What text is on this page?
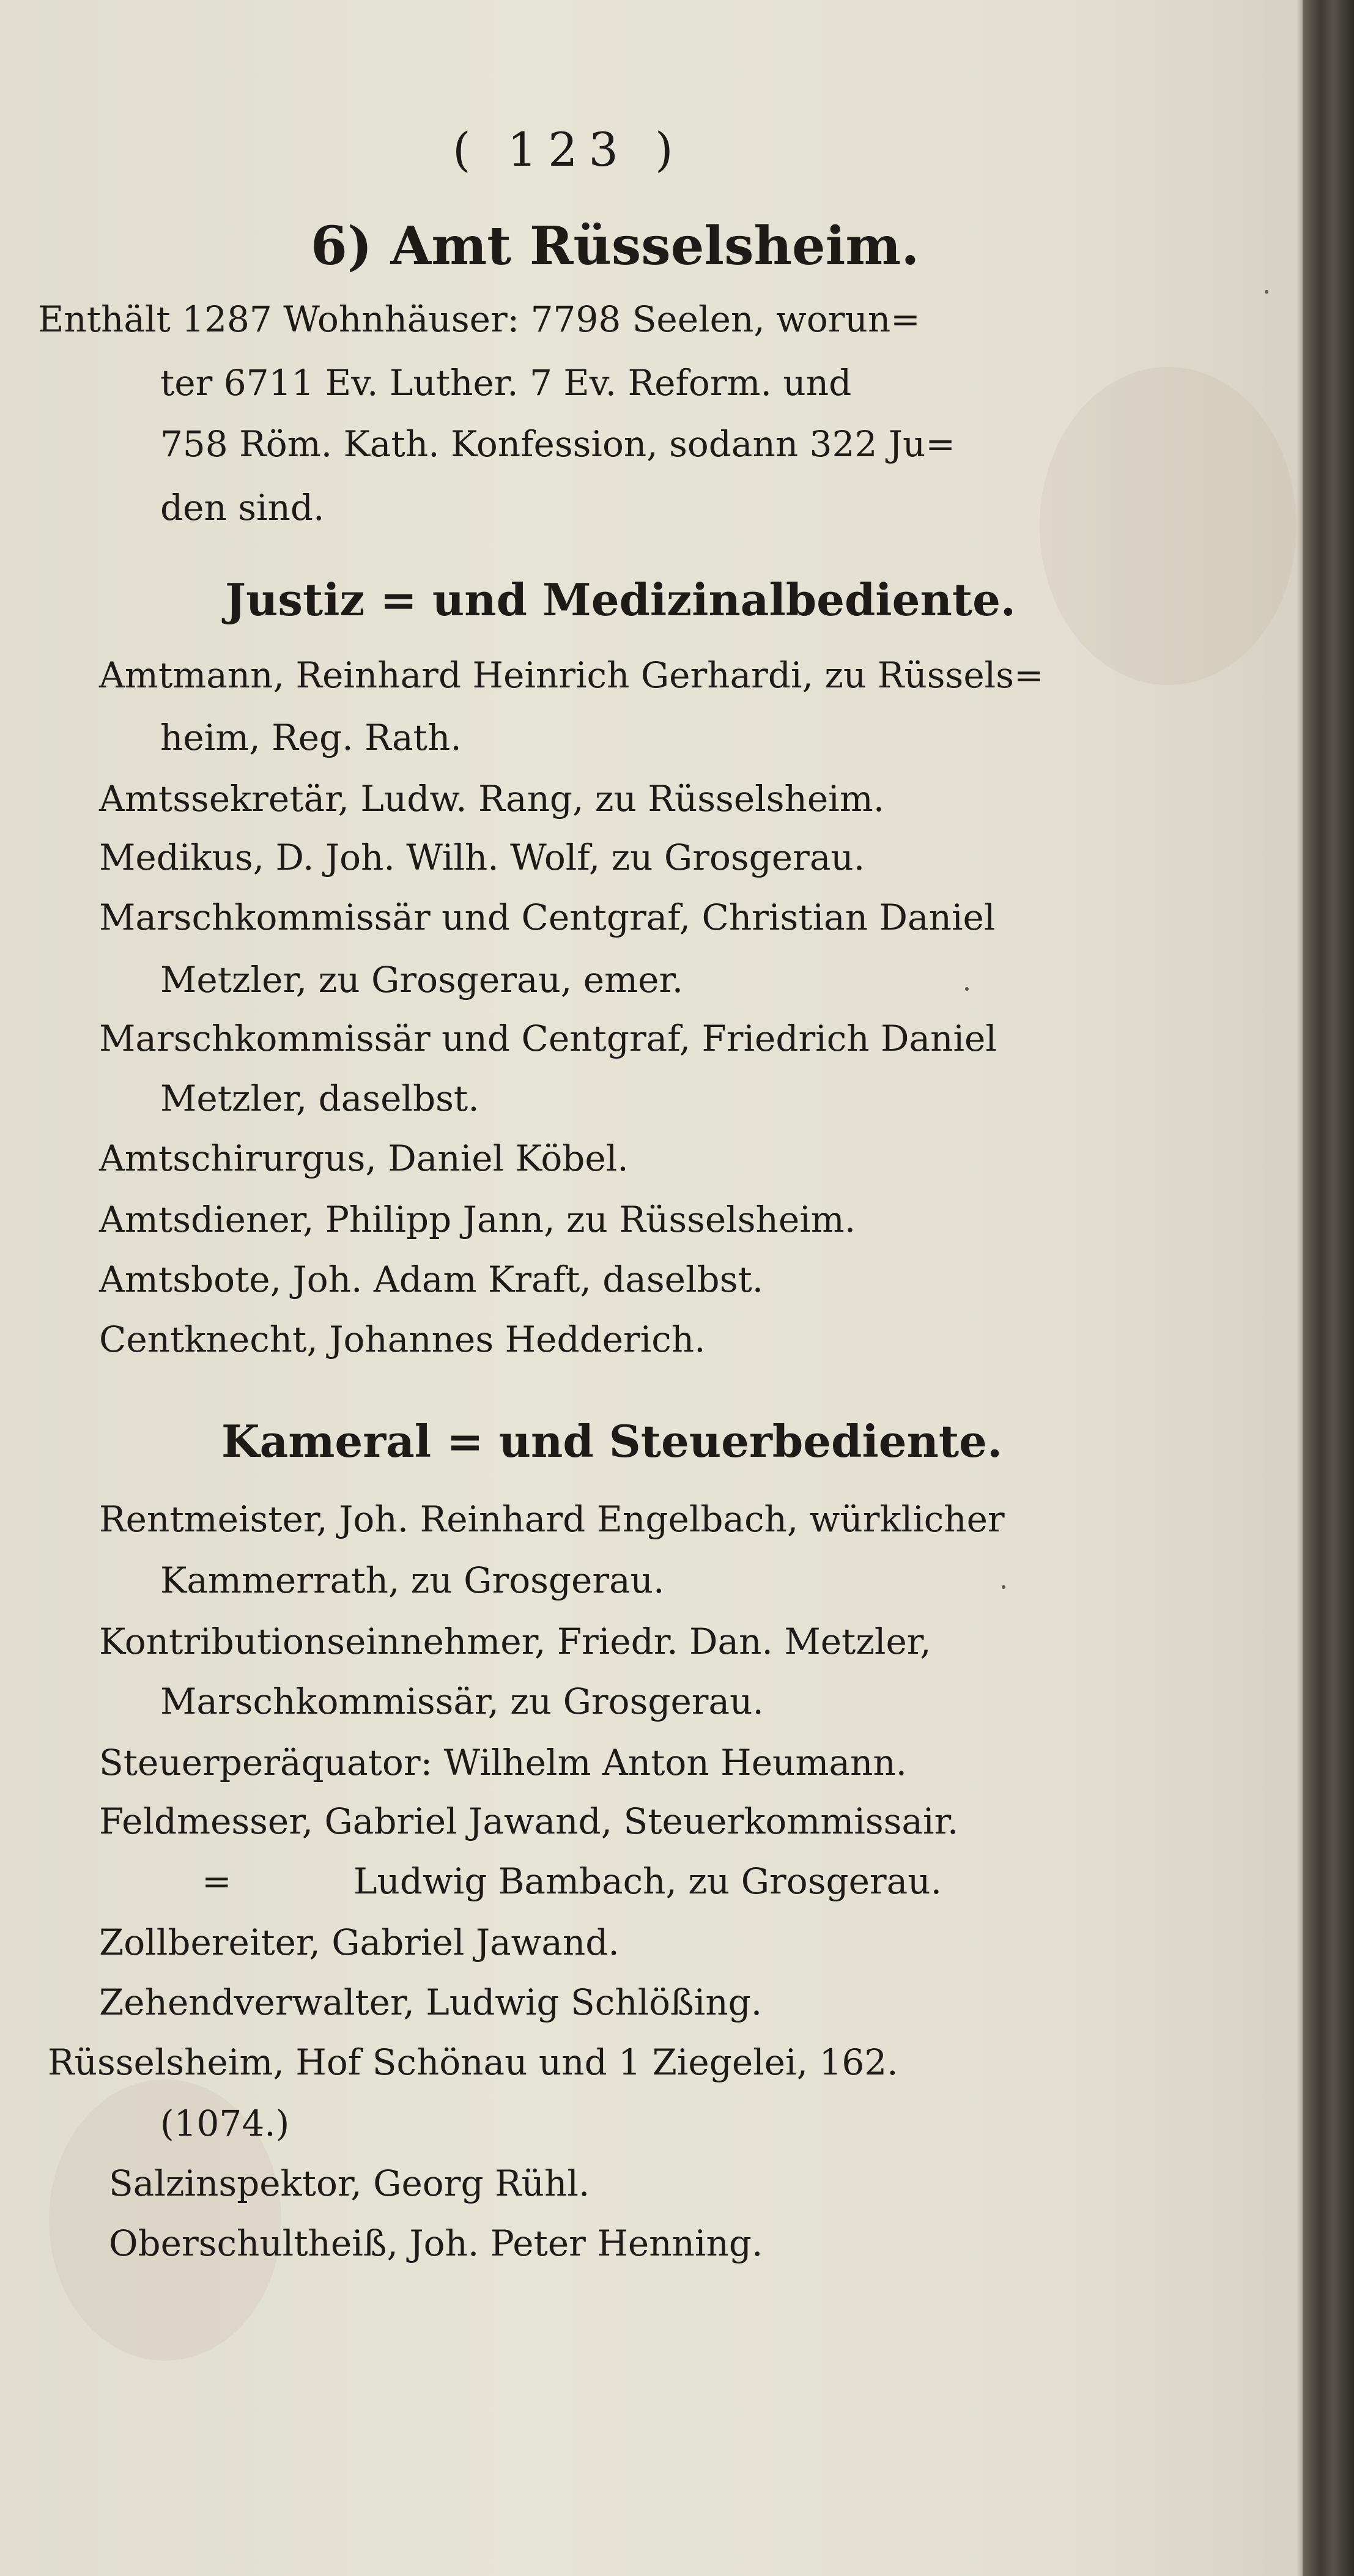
( 123 )
6) Amt Rüsselsheim.
Enthält 1287 Wohnhäuser: 7798 Seelen, worun=
ter 6711 Ev. Luther. 7 Ev. Reform. und
758 Röm. Kath. Konfession, sodann 322 Ju=
den sind.
Justiz = und Medizinalbediente.
Amtmann, Reinhard Heinrich Gerhardi, zu Rüssels=
heim, Reg. Rath.
Amtssekretär, Ludw. Rang, zu Rüsselsheim.
Medikus, D. Joh. Wilh. Wolf, zu Grosgerau.
Marschkommissär und Centgraf, Christian Daniel
Metzler, zu Grosgerau, emer.
Marschkommissär und Centgraf, Friedrich Daniel
Metzler, daselbst.
Amtschirurgus, Daniel Köbel.
Amtsdiener, Philipp Jann, zu Rüsselsheim.
Amtsbote, Joh. Adam Kraft, daselbst.
Centknecht, Johannes Hedderich.
Kameral = und Steuerbediente.
Rentmeister, Joh. Reinhard Engelbach, würklicher
Kammerrath, zu Grosgerau.
Kontributionseinnehmer, Friedr. Dan. Metzler,
Marschkommissär, zu Grosgerau.
Steuerperäquator: Wilhelm Anton Heumann.
Feldmesser, Gabriel Jawand, Steuerkommissair.
=	Ludwig Bambach, zu Grosgerau.
Zollbereiter, Gabriel Jawand.
Zehendverwalter, Ludwig Schlößing.
Rüsselsheim, Hof Schönau und 1 Ziegelei, 162.
(1074.)
Salzinspektor, Georg Rühl.
Oberschultheiß, Joh. Peter Henning.
